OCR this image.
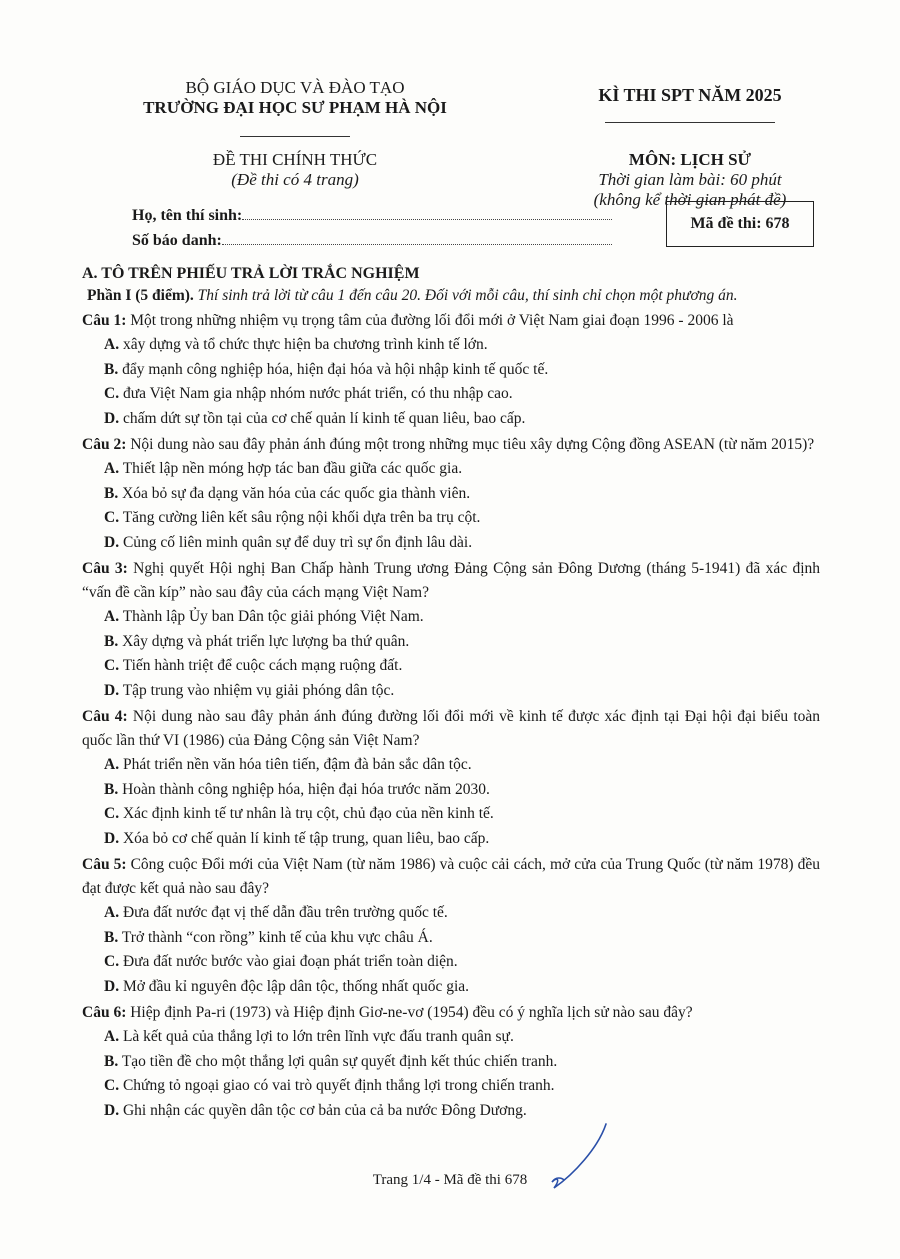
BỘ GIÁO DỤC VÀ ĐÀO TẠO
TRƯỜNG ĐẠI HỌC SƯ PHẠM HÀ NỘI
ĐỀ THI CHÍNH THỨC
(Đề thi có 4 trang)
KÌ THI SPT NĂM 2025
MÔN: LỊCH SỬ
Thời gian làm bài: 60 phút
(không kể thời gian phát đề)
Họ, tên thí sinh:
Số báo danh:
Mã đề thi: 678
A. TÔ TRÊN PHIẾU TRẢ LỜI TRẮC NGHIỆM
Phần I (5 điểm). Thí sinh trả lời từ câu 1 đến câu 20. Đối với mỗi câu, thí sinh chỉ chọn một phương án.
Câu 1: Một trong những nhiệm vụ trọng tâm của đường lối đổi mới ở Việt Nam giai đoạn 1996 - 2006 là
A. xây dựng và tổ chức thực hiện ba chương trình kinh tế lớn.
B. đẩy mạnh công nghiệp hóa, hiện đại hóa và hội nhập kinh tế quốc tế.
C. đưa Việt Nam gia nhập nhóm nước phát triển, có thu nhập cao.
D. chấm dứt sự tồn tại của cơ chế quản lí kinh tế quan liêu, bao cấp.
Câu 2: Nội dung nào sau đây phản ánh đúng một trong những mục tiêu xây dựng Cộng đồng ASEAN (từ năm 2015)?
A. Thiết lập nền móng hợp tác ban đầu giữa các quốc gia.
B. Xóa bỏ sự đa dạng văn hóa của các quốc gia thành viên.
C. Tăng cường liên kết sâu rộng nội khối dựa trên ba trụ cột.
D. Củng cố liên minh quân sự để duy trì sự ổn định lâu dài.
Câu 3: Nghị quyết Hội nghị Ban Chấp hành Trung ương Đảng Cộng sản Đông Dương (tháng 5-1941) đã xác định “vấn đề cần kíp” nào sau đây của cách mạng Việt Nam?
A. Thành lập Ủy ban Dân tộc giải phóng Việt Nam.
B. Xây dựng và phát triển lực lượng ba thứ quân.
C. Tiến hành triệt để cuộc cách mạng ruộng đất.
D. Tập trung vào nhiệm vụ giải phóng dân tộc.
Câu 4: Nội dung nào sau đây phản ánh đúng đường lối đổi mới về kinh tế được xác định tại Đại hội đại biểu toàn quốc lần thứ VI (1986) của Đảng Cộng sản Việt Nam?
A. Phát triển nền văn hóa tiên tiến, đậm đà bản sắc dân tộc.
B. Hoàn thành công nghiệp hóa, hiện đại hóa trước năm 2030.
C. Xác định kinh tế tư nhân là trụ cột, chủ đạo của nền kinh tế.
D. Xóa bỏ cơ chế quản lí kinh tế tập trung, quan liêu, bao cấp.
Câu 5: Công cuộc Đổi mới của Việt Nam (từ năm 1986) và cuộc cải cách, mở cửa của Trung Quốc (từ năm 1978) đều đạt được kết quả nào sau đây?
A. Đưa đất nước đạt vị thế dẫn đầu trên trường quốc tế.
B. Trở thành “con rồng” kinh tế của khu vực châu Á.
C. Đưa đất nước bước vào giai đoạn phát triển toàn diện.
D. Mở đầu kỉ nguyên độc lập dân tộc, thống nhất quốc gia.
Câu 6: Hiệp định Pa-ri (1973) và Hiệp định Giơ-ne-vơ (1954) đều có ý nghĩa lịch sử nào sau đây?
A. Là kết quả của thắng lợi to lớn trên lĩnh vực đấu tranh quân sự.
B. Tạo tiền đề cho một thắng lợi quân sự quyết định kết thúc chiến tranh.
C. Chứng tỏ ngoại giao có vai trò quyết định thắng lợi trong chiến tranh.
D. Ghi nhận các quyền dân tộc cơ bản của cả ba nước Đông Dương.
Trang 1/4 - Mã đề thi 678
